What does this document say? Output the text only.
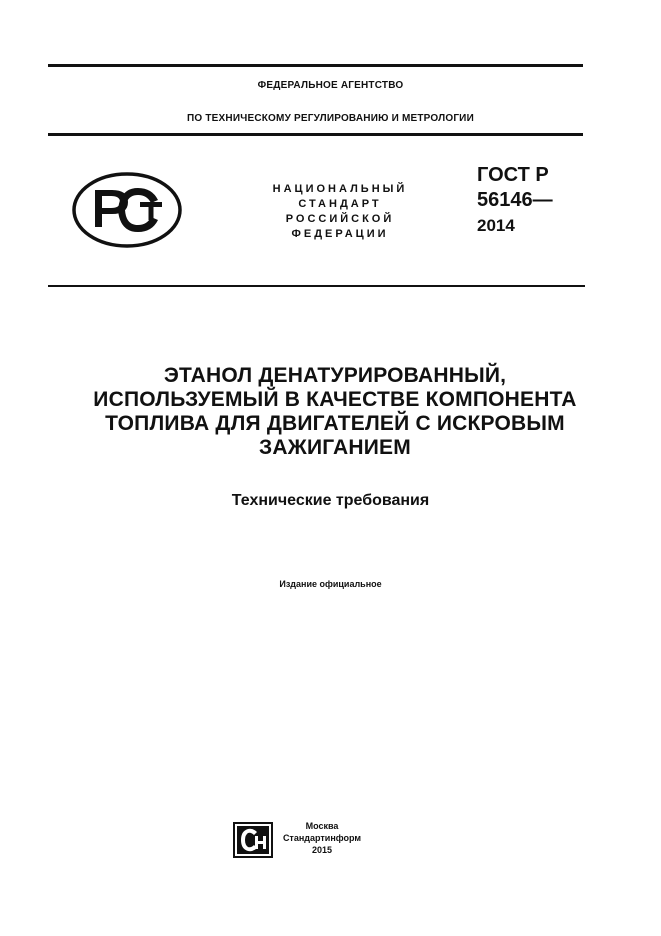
ФЕДЕРАЛЬНОЕ АГЕНТСТВО
ПО ТЕХНИЧЕСКОМУ РЕГУЛИРОВАНИЮ И МЕТРОЛОГИИ
НАЦИОНАЛЬНЫЙ
СТАНДАРТ
РОССИЙСКОЙ
ФЕДЕРАЦИИ
ГОСТ Р
56146—
2014
ЭТАНОЛ ДЕНАТУРИРОВАННЫЙ,
ИСПОЛЬЗУЕМЫЙ В КАЧЕСТВЕ КОМПОНЕНТА
ТОПЛИВА ДЛЯ ДВИГАТЕЛЕЙ С ИСКРОВЫМ
ЗАЖИГАНИЕМ
Технические требования
Издание официальное
Москва
Стандартинформ
2015
